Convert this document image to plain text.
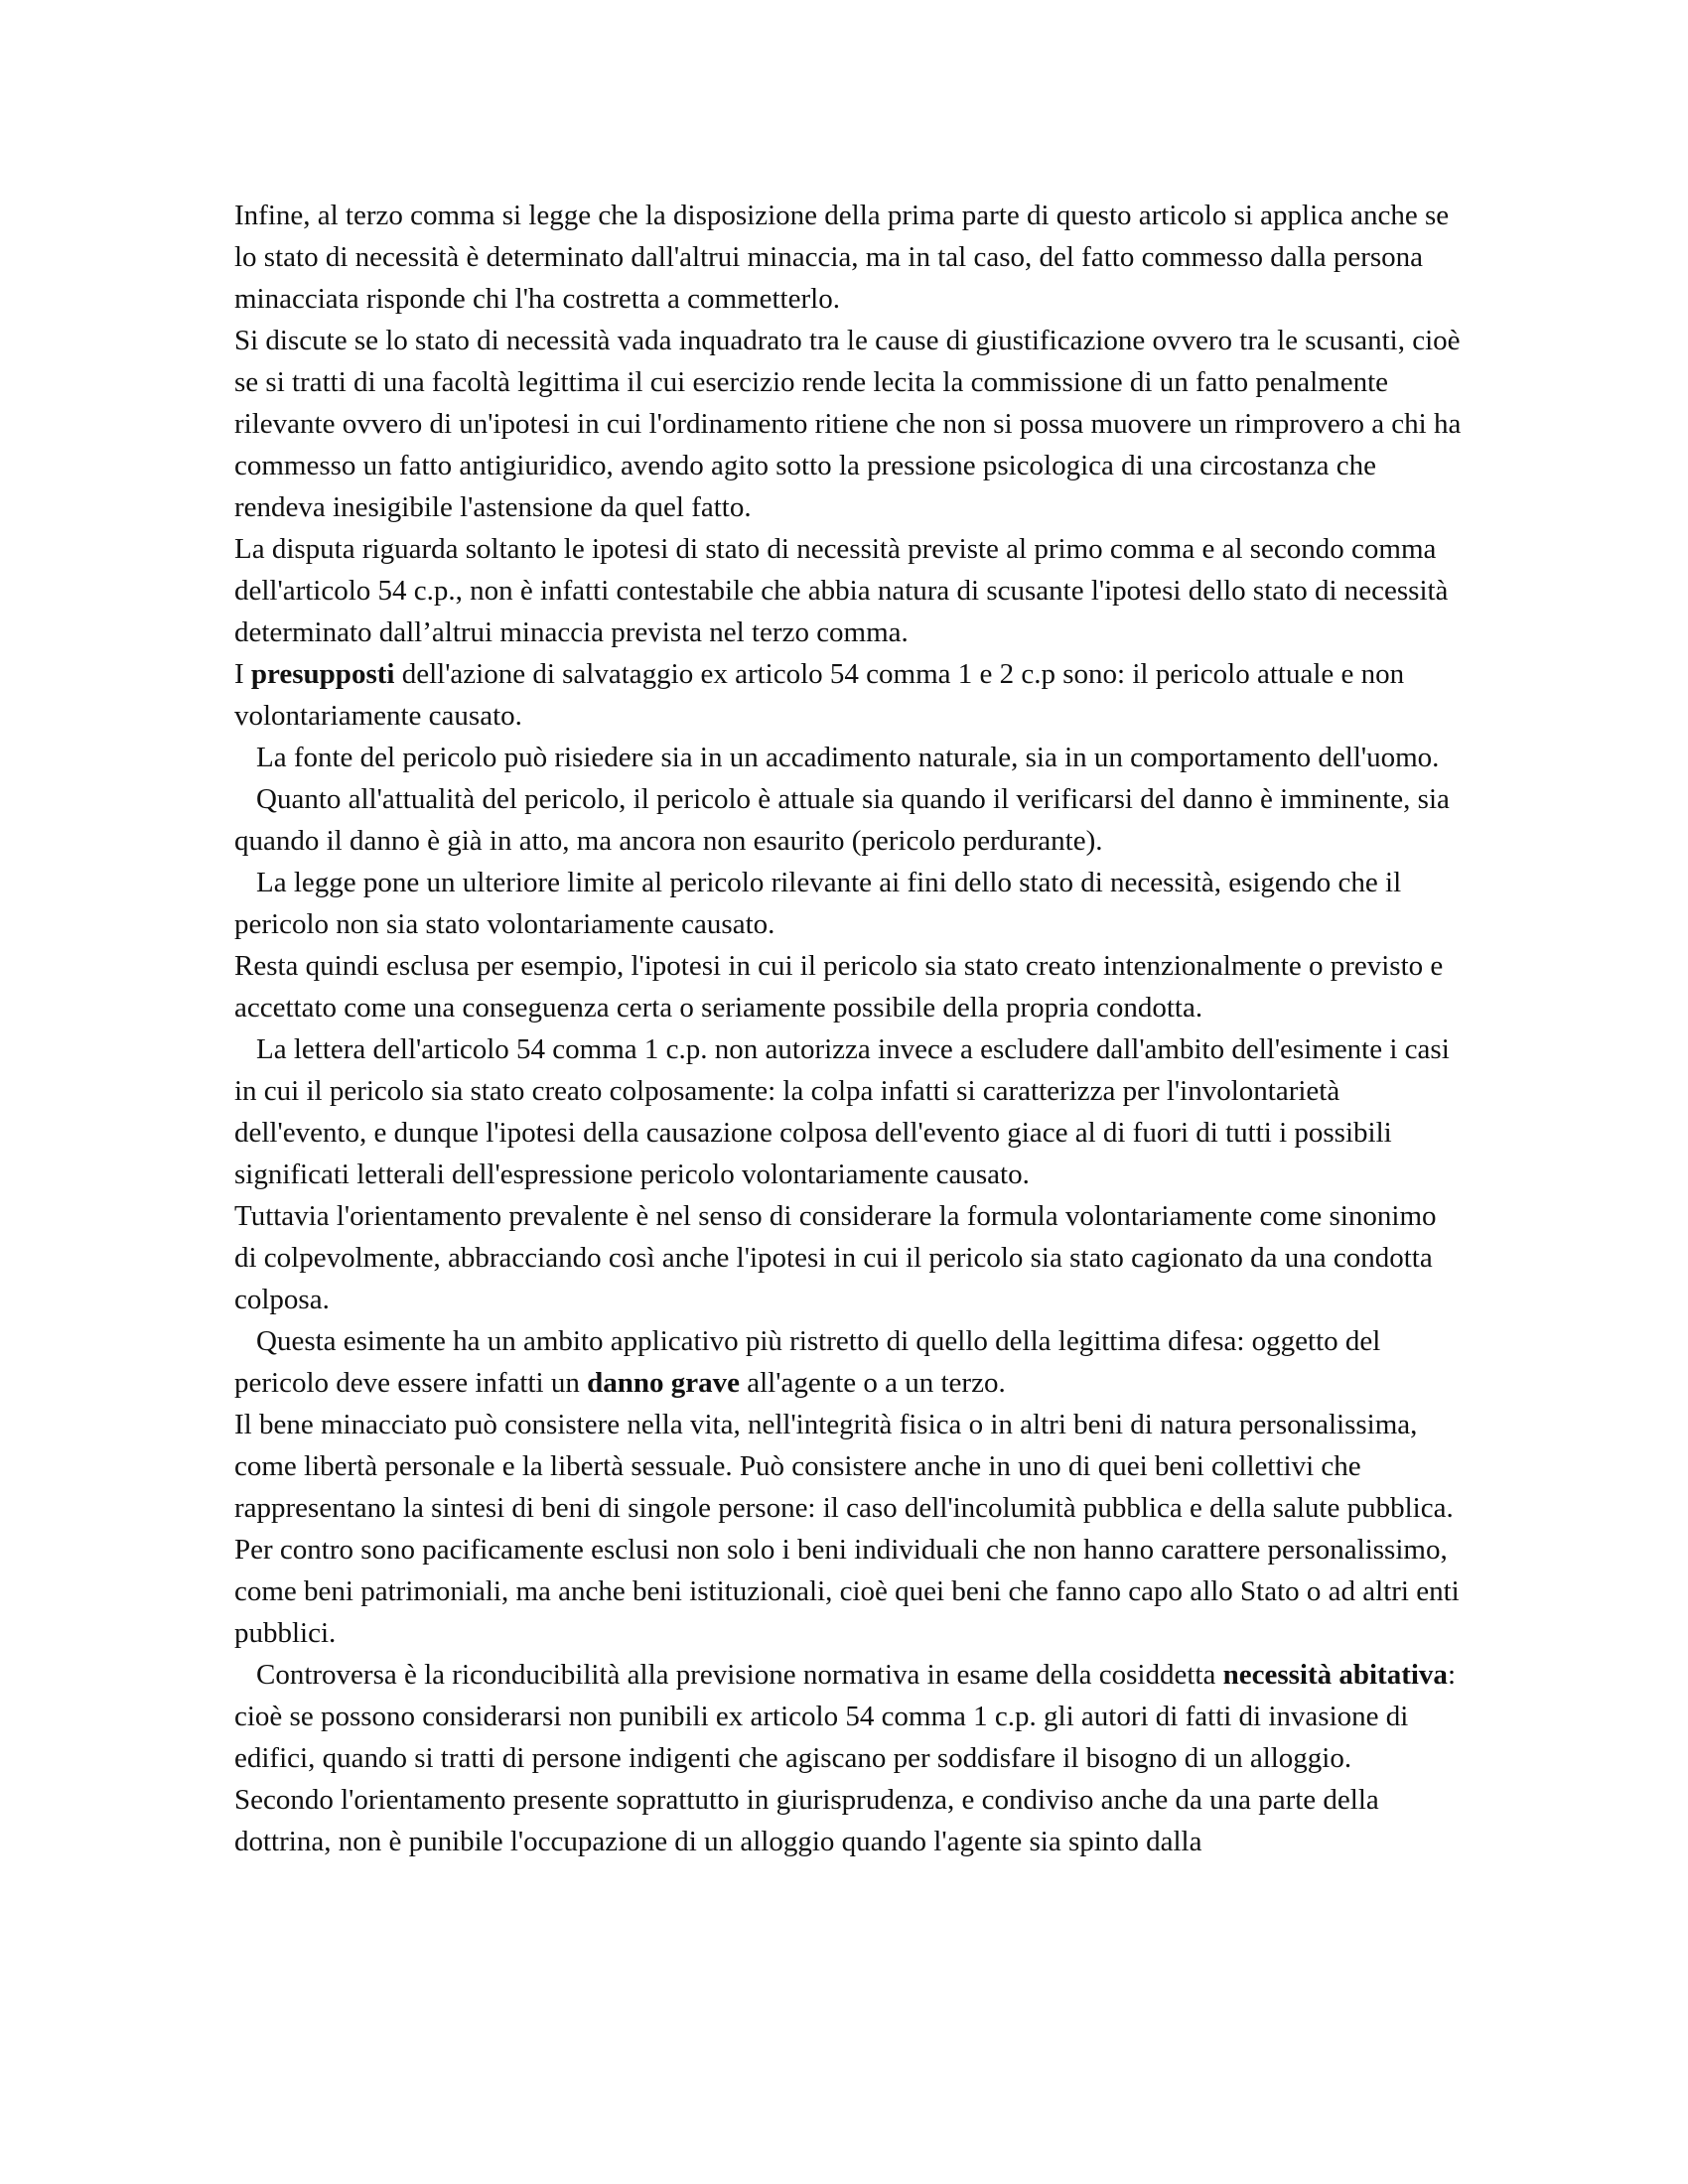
Infine, al terzo comma si legge che la disposizione della prima parte di questo articolo si applica anche se lo stato di necessità è determinato dall'altrui minaccia, ma in tal caso, del fatto commesso dalla persona minacciata risponde chi l'ha costretta a commetterlo.

Si discute se lo stato di necessità vada inquadrato tra le cause di giustificazione ovvero tra le scusanti, cioè se si tratti di una facoltà legittima il cui esercizio rende lecita la commissione di un fatto penalmente rilevante ovvero di un'ipotesi in cui l'ordinamento ritiene che non si possa muovere un rimprovero a chi ha commesso un fatto antigiuridico, avendo agito sotto la pressione psicologica di una circostanza che rendeva inesigibile l'astensione da quel fatto.

La disputa riguarda soltanto le ipotesi di stato di necessità previste al primo comma e al secondo comma dell'articolo 54 c.p., non è infatti contestabile che abbia natura di scusante l'ipotesi dello stato di necessità determinato dall’altrui minaccia prevista nel terzo comma.

I presupposti dell'azione di salvataggio ex articolo 54 comma 1 e 2 c.p sono: il pericolo attuale e non volontariamente causato.

La fonte del pericolo può risiedere sia in un accadimento naturale, sia in un comportamento dell'uomo.

Quanto all'attualità del pericolo, il pericolo è attuale sia quando il verificarsi del danno è imminente, sia quando il danno è già in atto, ma ancora non esaurito (pericolo perdurante).

La legge pone un ulteriore limite al pericolo rilevante ai fini dello stato di necessità, esigendo che il pericolo non sia stato volontariamente causato.

Resta quindi esclusa per esempio, l'ipotesi in cui il pericolo sia stato creato intenzionalmente o previsto e accettato come una conseguenza certa o seriamente possibile della propria condotta.

La lettera dell'articolo 54 comma 1 c.p. non autorizza invece a escludere dall'ambito dell'esimente i casi in cui il pericolo sia stato creato colposamente: la colpa infatti si caratterizza per l'involontarietà dell'evento, e dunque l'ipotesi della causazione colposa dell'evento giace al di fuori di tutti i possibili significati letterali dell'espressione pericolo volontariamente causato.

Tuttavia l'orientamento prevalente è nel senso di considerare la formula volontariamente come sinonimo di colpevolmente, abbracciando così anche l'ipotesi in cui il pericolo sia stato cagionato da una condotta colposa.

Questa esimente ha un ambito applicativo più ristretto di quello della legittima difesa: oggetto del pericolo deve essere infatti un danno grave all'agente o a un terzo.

Il bene minacciato può consistere nella vita, nell'integrità fisica o in altri beni di natura personalissima, come libertà personale e la libertà sessuale. Può consistere anche in uno di quei beni collettivi che rappresentano la sintesi di beni di singole persone: il caso dell'incolumità pubblica e della salute pubblica.

Per contro sono pacificamente esclusi non solo i beni individuali che non hanno carattere personalissimo, come beni patrimoniali, ma anche beni istituzionali, cioè quei beni che fanno capo allo Stato o ad altri enti pubblici.

Controversa è la riconducibilità alla previsione normativa in esame della cosiddetta necessità abitativa: cioè se possono considerarsi non punibili ex articolo 54 comma 1 c.p. gli autori di fatti di invasione di edifici, quando si tratti di persone indigenti che agiscano per soddisfare il bisogno di un alloggio.

Secondo l'orientamento presente soprattutto in giurisprudenza, e condiviso anche da una parte della dottrina, non è punibile l'occupazione di un alloggio quando l'agente sia spinto dalla
